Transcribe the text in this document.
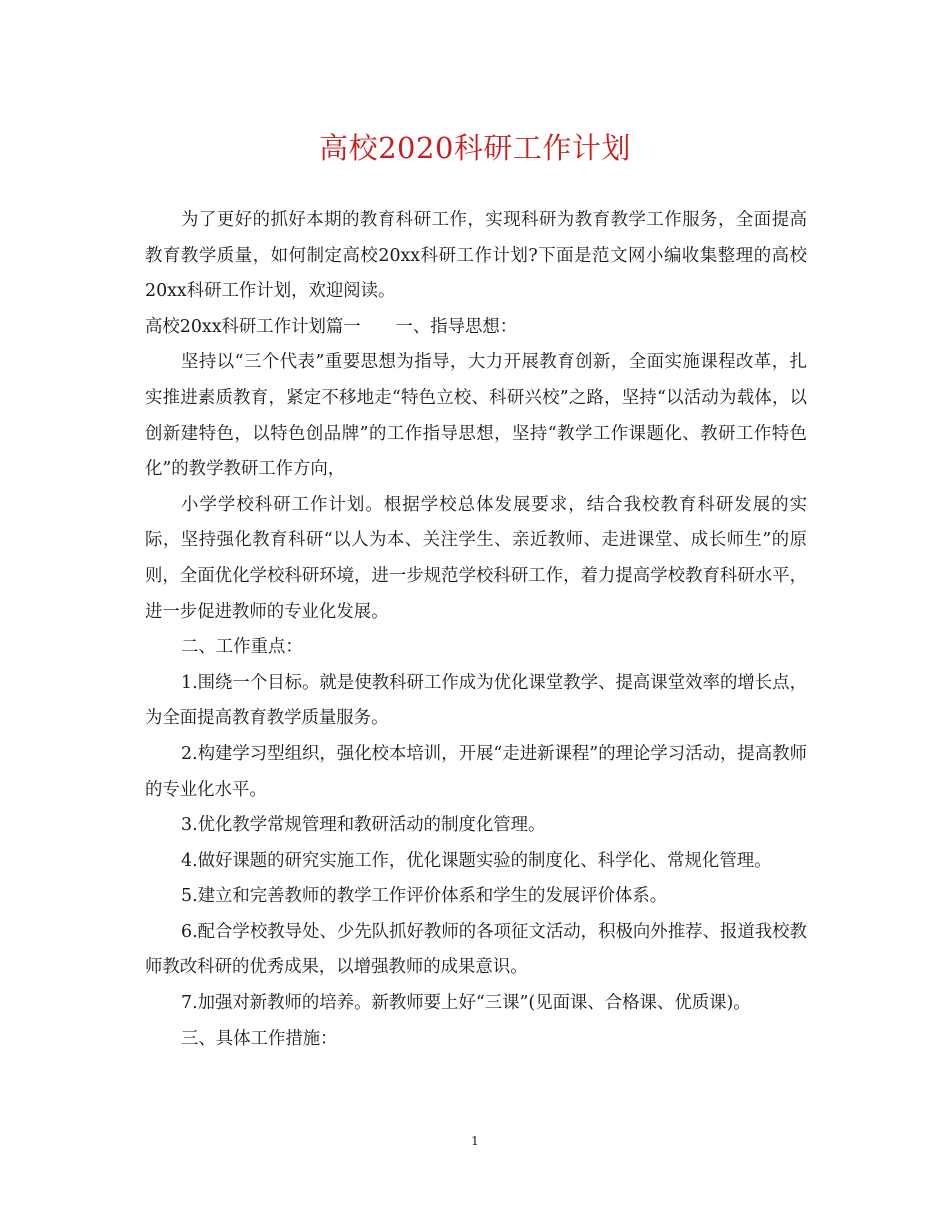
高校2020科研工作计划

为了更好的抓好本期的教育科研工作，实现科研为教育教学工作服务，全面提高教育教学质量，如何制定高校20xx科研工作计划?下面是范文网小编收集整理的高校20xx科研工作计划，欢迎阅读。

高校20xx科研工作计划篇一　　一、指导思想：

坚持以“三个代表”重要思想为指导，大力开展教育创新，全面实施课程改革，扎实推进素质教育，紧定不移地走“特色立校、科研兴校”之路，坚持“以活动为载体，以创新建特色，以特色创品牌”的工作指导思想，坚持“教学工作课题化、教研工作特色化”的教学教研工作方向，

小学学校科研工作计划。根据学校总体发展要求，结合我校教育科研发展的实际，坚持强化教育科研“以人为本、关注学生、亲近教师、走进课堂、成长师生”的原则，全面优化学校科研环境，进一步规范学校科研工作，着力提高学校教育科研水平，进一步促进教师的专业化发展。

二、工作重点：

1.围绕一个目标。就是使教科研工作成为优化课堂教学、提高课堂效率的增长点，为全面提高教育教学质量服务。

2.构建学习型组织，强化校本培训，开展“走进新课程”的理论学习活动，提高教师的专业化水平。

3.优化教学常规管理和教研活动的制度化管理。

4.做好课题的研究实施工作，优化课题实验的制度化、科学化、常规化管理。

5.建立和完善教师的教学工作评价体系和学生的发展评价体系。

6.配合学校教导处、少先队抓好教师的各项征文活动，积极向外推荐、报道我校教师教改科研的优秀成果，以增强教师的成果意识。

7.加强对新教师的培养。新教师要上好“三课”(见面课、合格课、优质课)。

三、具体工作措施：

1
